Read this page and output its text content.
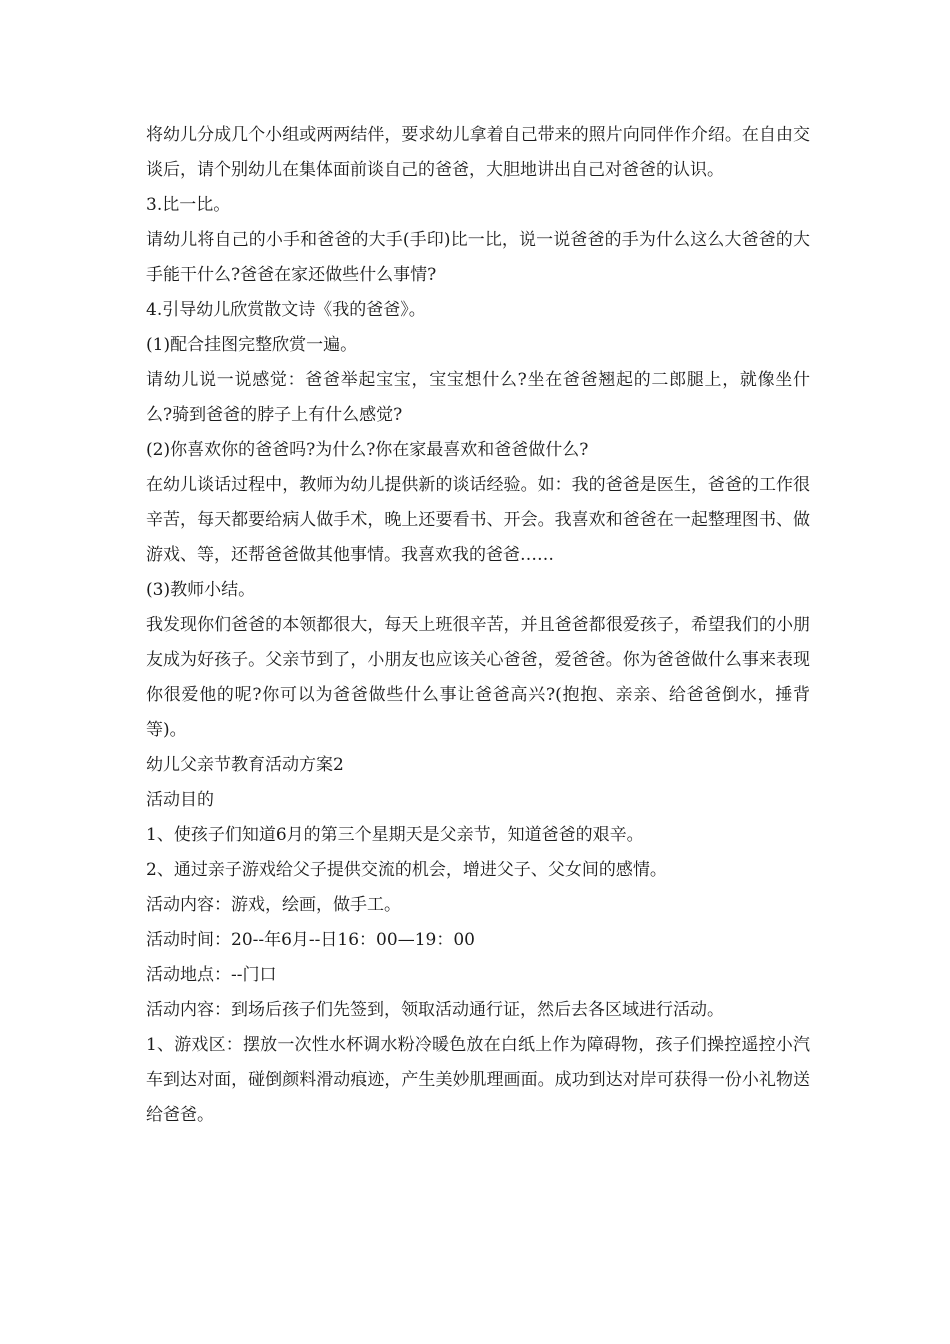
将幼儿分成几个小组或两两结伴，要求幼儿拿着自己带来的照片向同伴作介绍。在自由交谈后，请个别幼儿在集体面前谈自己的爸爸，大胆地讲出自己对爸爸的认识。

3.比一比。

请幼儿将自己的小手和爸爸的大手(手印)比一比，说一说爸爸的手为什么这么大爸爸的大手能干什么?爸爸在家还做些什么事情?

4.引导幼儿欣赏散文诗《我的爸爸》。

(1)配合挂图完整欣赏一遍。

请幼儿说一说感觉：爸爸举起宝宝，宝宝想什么?坐在爸爸翘起的二郎腿上，就像坐什么?骑到爸爸的脖子上有什么感觉?

(2)你喜欢你的爸爸吗?为什么?你在家最喜欢和爸爸做什么?

在幼儿谈话过程中，教师为幼儿提供新的谈话经验。如：我的爸爸是医生，爸爸的工作很辛苦，每天都要给病人做手术，晚上还要看书、开会。我喜欢和爸爸在一起整理图书、做游戏、等，还帮爸爸做其他事情。我喜欢我的爸爸……

(3)教师小结。

我发现你们爸爸的本领都很大，每天上班很辛苦，并且爸爸都很爱孩子，希望我们的小朋友成为好孩子。父亲节到了，小朋友也应该关心爸爸，爱爸爸。你为爸爸做什么事来表现你很爱他的呢?你可以为爸爸做些什么事让爸爸高兴?(抱抱、亲亲、给爸爸倒水，捶背等)。

幼儿父亲节教育活动方案2

活动目的

1、使孩子们知道6月的第三个星期天是父亲节，知道爸爸的艰辛。

2、通过亲子游戏给父子提供交流的机会，增进父子、父女间的感情。

活动内容：游戏，绘画，做手工。

活动时间：20--年6月--日16：00—19：00

活动地点：--门口

活动内容：到场后孩子们先签到，领取活动通行证，然后去各区域进行活动。

1、游戏区：摆放一次性水杯调水粉冷暖色放在白纸上作为障碍物，孩子们操控遥控小汽车到达对面，碰倒颜料滑动痕迹，产生美妙肌理画面。成功到达对岸可获得一份小礼物送给爸爸。
